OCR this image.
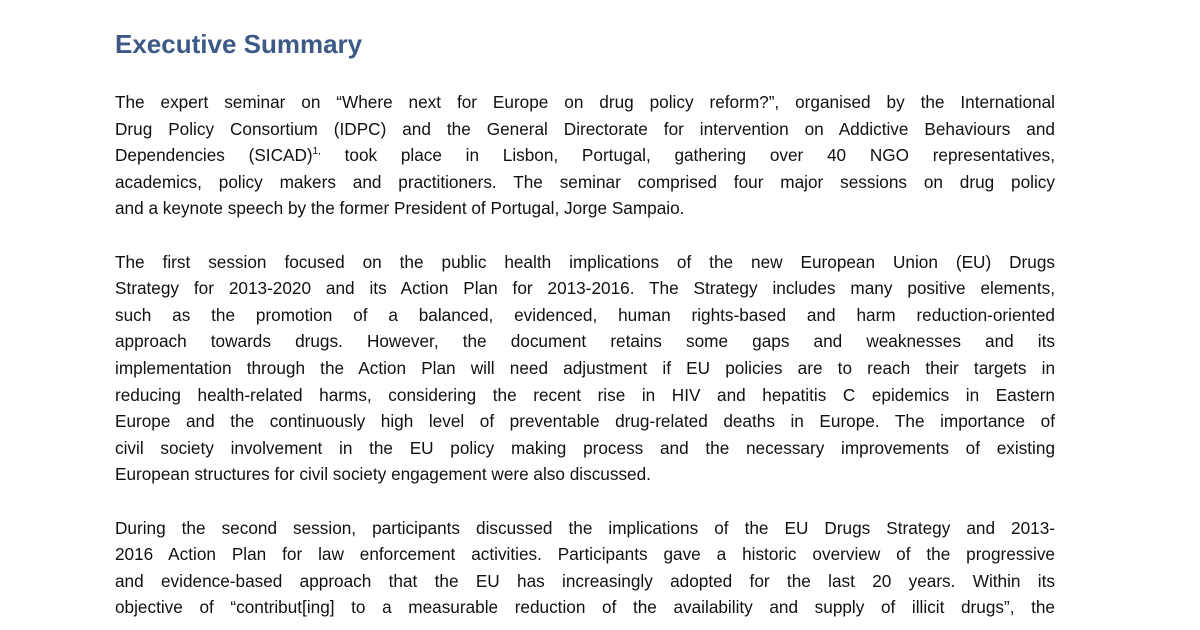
Executive Summary

The expert seminar on “Where next for Europe on drug policy reform?”, organised by the International
Drug Policy Consortium (IDPC) and the General Directorate for intervention on Addictive Behaviours and
Dependencies (SICAD)$^{1,}$ took place in Lisbon, Portugal, gathering over 40 NGO representatives,
academics, policy makers and practitioners. The seminar comprised four major sessions on drug policy
and a keynote speech by the former President of Portugal, Jorge Sampaio.

The first session focused on the public health implications of the new European Union (EU) Drugs
Strategy for 2013-2020 and its Action Plan for 2013-2016. The Strategy includes many positive elements,
such as the promotion of a balanced, evidenced, human rights-based and harm reduction-oriented
approach towards drugs. However, the document retains some gaps and weaknesses and its
implementation through the Action Plan will need adjustment if EU policies are to reach their targets in
reducing health-related harms, considering the recent rise in HIV and hepatitis C epidemics in Eastern
Europe and the continuously high level of preventable drug-related deaths in Europe. The importance of
civil society involvement in the EU policy making process and the necessary improvements of existing
European structures for civil society engagement were also discussed.

During the second session, participants discussed the implications of the EU Drugs Strategy and 2013-
2016 Action Plan for law enforcement activities. Participants gave a historic overview of the progressive
and evidence-based approach that the EU has increasingly adopted for the last 20 years. Within its
objective of “contribut[ing] to a measurable reduction of the availability and supply of illicit drugs”, the
